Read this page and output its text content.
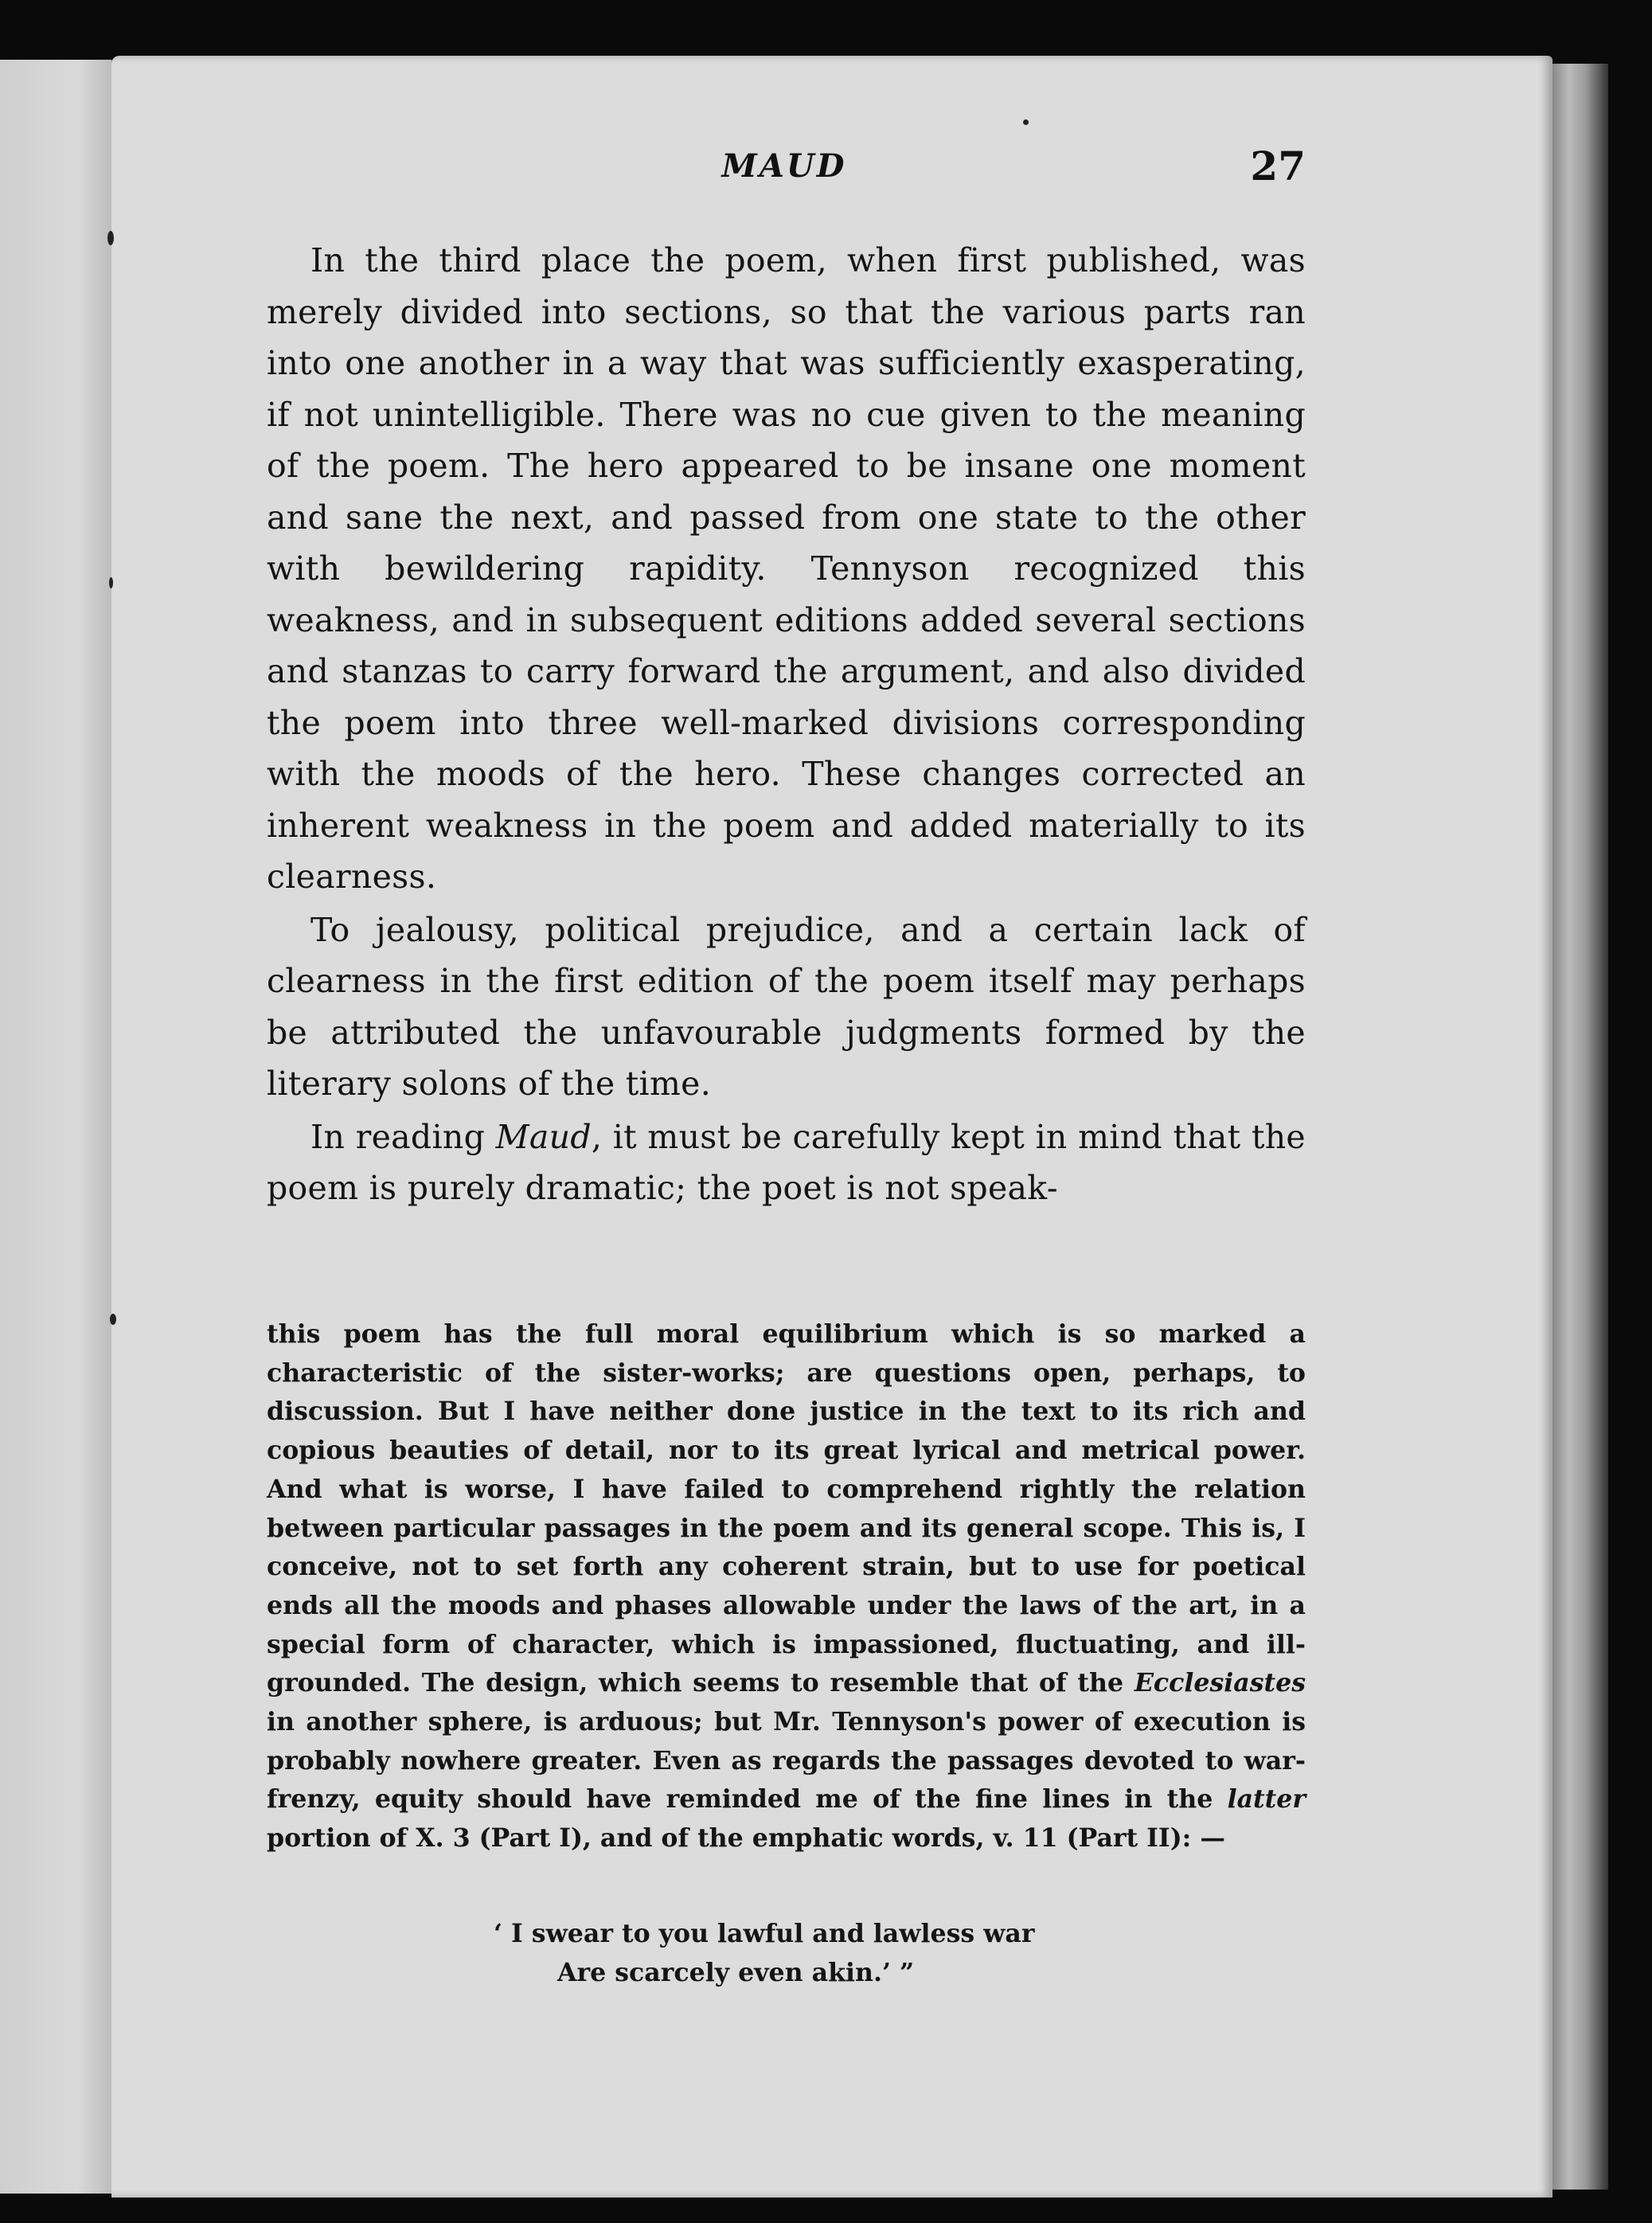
MAUD	27

In the third place the poem, when first published, was merely divided into sections, so that the various parts ran into one another in a way that was sufficiently exasperating, if not unintelligible. There was no cue given to the meaning of the poem. The hero appeared to be insane one moment and sane the next, and passed from one state to the other with bewildering rapidity. Tennyson recognized this weakness, and in subsequent editions added several sections and stanzas to carry forward the argument, and also divided the poem into three well-marked divisions corresponding with the moods of the hero. These changes corrected an inherent weakness in the poem and added materially to its clearness.

To jealousy, political prejudice, and a certain lack of clearness in the first edition of the poem itself may perhaps be attributed the unfavourable judgments formed by the literary solons of the time.

In reading Maud, it must be carefully kept in mind that the poem is purely dramatic; the poet is not speak-

this poem has the full moral equilibrium which is so marked a characteristic of the sister-works; are questions open, perhaps, to discussion. But I have neither done justice in the text to its rich and copious beauties of detail, nor to its great lyrical and metrical power. And what is worse, I have failed to comprehend rightly the relation between particular passages in the poem and its general scope. This is, I conceive, not to set forth any coherent strain, but to use for poetical ends all the moods and phases allowable under the laws of the art, in a special form of character, which is impassioned, fluctuating, and ill-grounded. The design, which seems to resemble that of the Ecclesiastes in another sphere, is arduous; but Mr. Tennyson's power of execution is probably nowhere greater. Even as regards the passages devoted to war-frenzy, equity should have reminded me of the fine lines in the latter portion of X. 3 (Part I), and of the emphatic words, v. 11 (Part II): —

‘ I swear to you lawful and lawless war
Are scarcely even akin.’ ”
